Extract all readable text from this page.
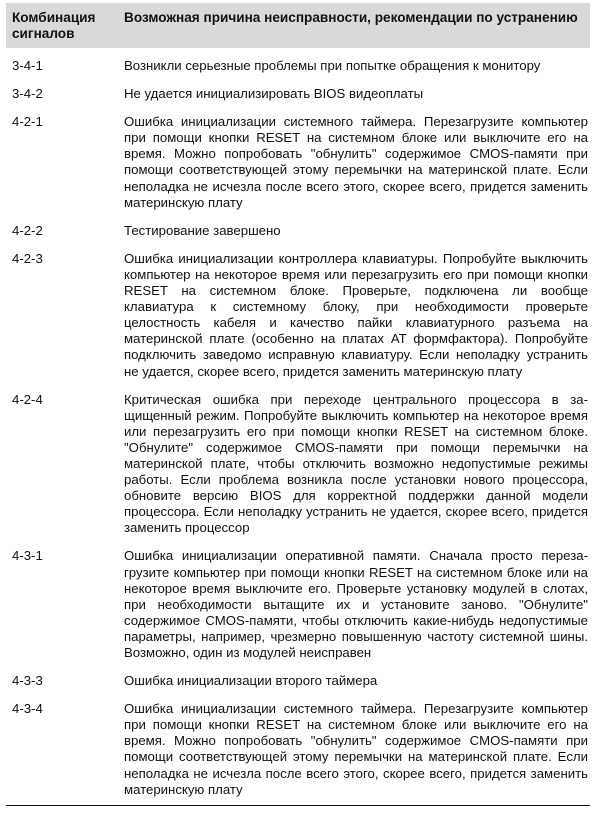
Комбинация сигналов	Возможная причина неисправности, рекомендации по устранению
3-4-1	Возникли серьезные проблемы при попытке обращения к монитору
3-4-2	Не удается инициализировать BIOS видеоплаты
4-2-1	Ошибка инициализации системного таймера. Перезагрузите компьютер при помощи кнопки RESET на системном блоке или выключите его на время. Можно попробовать "обнулить" содержимое CMOS-памяти при помощи соответствующей этому перемычки на материнской плате. Если неполадка не исчезла после всего этого, скорее всего, придется заменить материнскую плату
4-2-2	Тестирование завершено
4-2-3	Ошибка инициализации контроллера клавиатуры. Попробуйте выключить компьютер на некоторое время или перезагрузить его при помощи кнопки RESET на системном блоке. Проверьте, подключена ли вообще клавиатура к системному блоку, при необходимости проверьте целостность кабеля и качество пайки клавиатурного разъема на материнской плате (особенно на платах AT формфактора). Попробуйте подключить заведомо исправную клавиатуру. Если неполадку устранить не удается, скорее всего, придется заменить материнскую плату
4-2-4	Критическая ошибка при переходе центрального процессора в защищенный режим. Попробуйте выключить компьютер на некоторое время или перезагрузить его при помощи кнопки RESET на системном блоке. "Обнулите" содержимое CMOS-памяти при помощи перемычки на материнской плате, чтобы отключить возможно недопустимые режимы работы. Если проблема возникла после установки нового процессора, обновите версию BIOS для корректной поддержки данной модели процессора. Если неполадку устранить не удается, скорее всего, придется заменить процессор
4-3-1	Ошибка инициализации оперативной памяти. Сначала просто перезагрузите компьютер при помощи кнопки RESET на системном блоке или на некоторое время выключите его. Проверьте установку модулей в слотах, при необходимости вытащите их и установите заново. "Обнулите" содержимое CMOS-памяти, чтобы отключить какие-нибудь недопустимые параметры, например, чрезмерно повышенную частоту системной шины. Возможно, один из модулей неисправен
4-3-3	Ошибка инициализации второго таймера
4-3-4	Ошибка инициализации системного таймера. Перезагрузите компьютер при помощи кнопки RESET на системном блоке или выключите его на время. Можно попробовать "обнулить" содержимое CMOS-памяти при помощи соответствующей этому перемычки на материнской плате. Если неполадка не исчезла после всего этого, скорее всего, придется заменить материнскую плату
